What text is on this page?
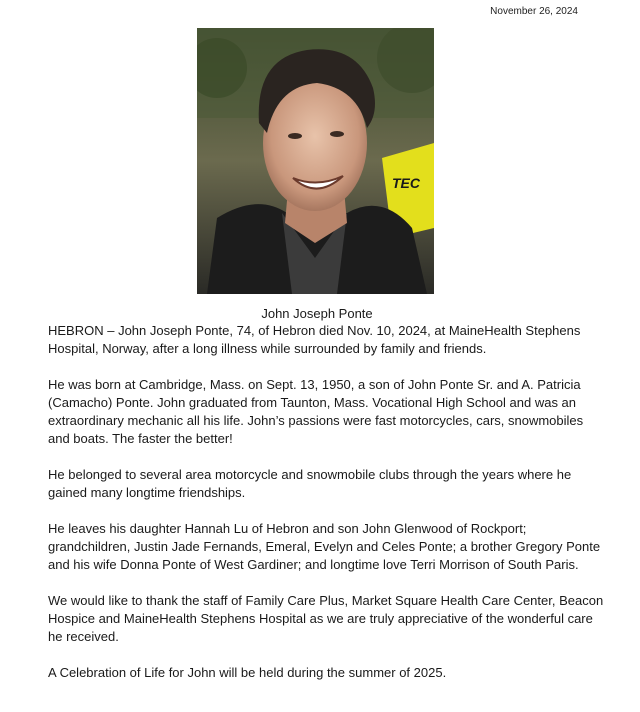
November 26, 2024
TEC
John Joseph Ponte

HEBRON – John Joseph Ponte, 74, of Hebron died Nov. 10, 2024, at MaineHealth Stephens Hospital, Norway, after a long illness while surrounded by family and friends.

He was born at Cambridge, Mass. on Sept. 13, 1950, a son of John Ponte Sr. and A. Patricia (Camacho) Ponte. John graduated from Taunton, Mass. Vocational High School and was an extraordinary mechanic all his life. John’s passions were fast motorcycles, cars, snowmobiles and boats. The faster the better!

He belonged to several area motorcycle and snowmobile clubs through the years where he gained many longtime friendships.

He leaves his daughter Hannah Lu of Hebron and son John Glenwood of Rockport; grandchildren, Justin Jade Fernands, Emeral, Evelyn and Celes Ponte; a brother Gregory Ponte and his wife Donna Ponte of West Gardiner; and longtime love Terri Morrison of South Paris.

We would like to thank the staff of Family Care Plus, Market Square Health Care Center, Beacon Hospice and MaineHealth Stephens Hospital as we are truly appreciative of the wonderful care he received.

A Celebration of Life for John will be held during the summer of 2025.
